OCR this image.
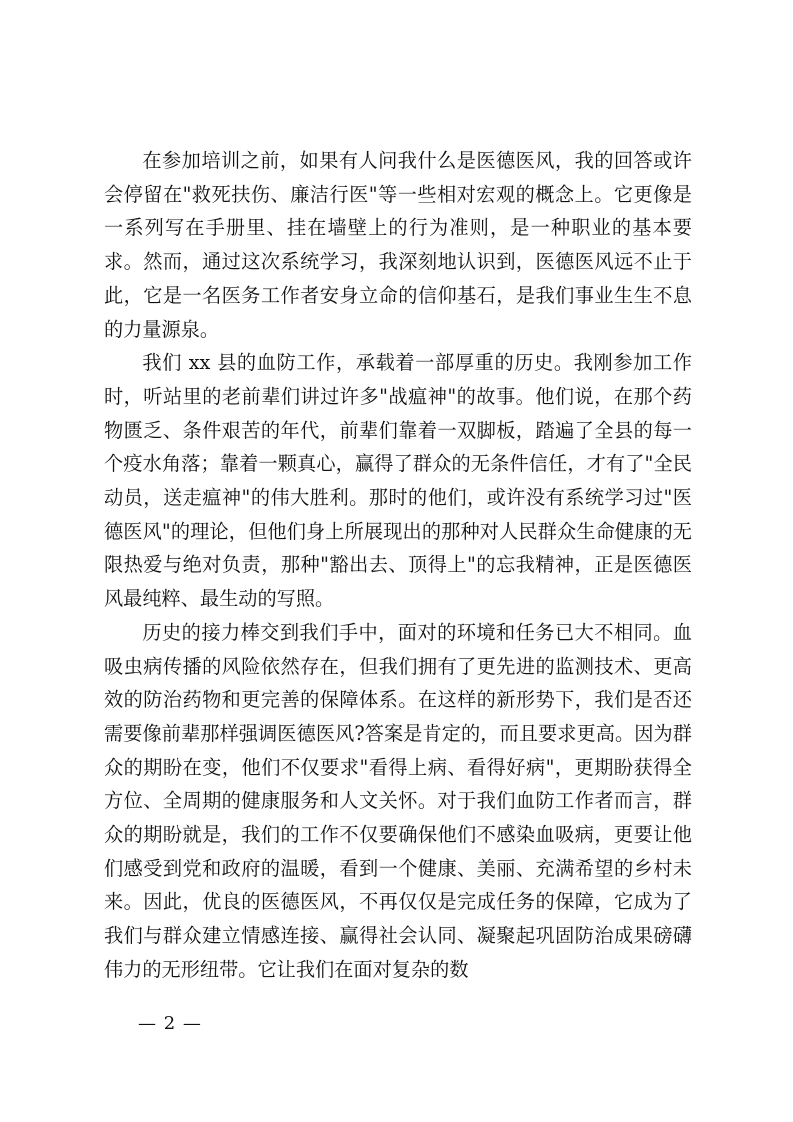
在参加培训之前，如果有人问我什么是医德医风，我的回答或许会停留在"救死扶伤、廉洁行医"等一些相对宏观的概念上。它更像是一系列写在手册里、挂在墙壁上的行为准则，是一种职业的基本要求。然而，通过这次系统学习，我深刻地认识到，医德医风远不止于此，它是一名医务工作者安身立命的信仰基石，是我们事业生生不息的力量源泉。

我们 xx 县的血防工作，承载着一部厚重的历史。我刚参加工作时，听站里的老前辈们讲过许多"战瘟神"的故事。他们说，在那个药物匮乏、条件艰苦的年代，前辈们靠着一双脚板，踏遍了全县的每一个疫水角落；靠着一颗真心，赢得了群众的无条件信任，才有了"全民动员，送走瘟神"的伟大胜利。那时的他们，或许没有系统学习过"医德医风"的理论，但他们身上所展现出的那种对人民群众生命健康的无限热爱与绝对负责，那种"豁出去、顶得上"的忘我精神，正是医德医风最纯粹、最生动的写照。

历史的接力棒交到我们手中，面对的环境和任务已大不相同。血吸虫病传播的风险依然存在，但我们拥有了更先进的监测技术、更高效的防治药物和更完善的保障体系。在这样的新形势下，我们是否还需要像前辈那样强调医德医风?答案是肯定的，而且要求更高。因为群众的期盼在变，他们不仅要求"看得上病、看得好病"，更期盼获得全方位、全周期的健康服务和人文关怀。对于我们血防工作者而言，群众的期盼就是，我们的工作不仅要确保他们不感染血吸病，更要让他们感受到党和政府的温暖，看到一个健康、美丽、充满希望的乡村未来。因此，优良的医德医风，不再仅仅是完成任务的保障，它成为了我们与群众建立情感连接、赢得社会认同、凝聚起巩固防治成果磅礴伟力的无形纽带。它让我们在面对复杂的数

— 2 —
